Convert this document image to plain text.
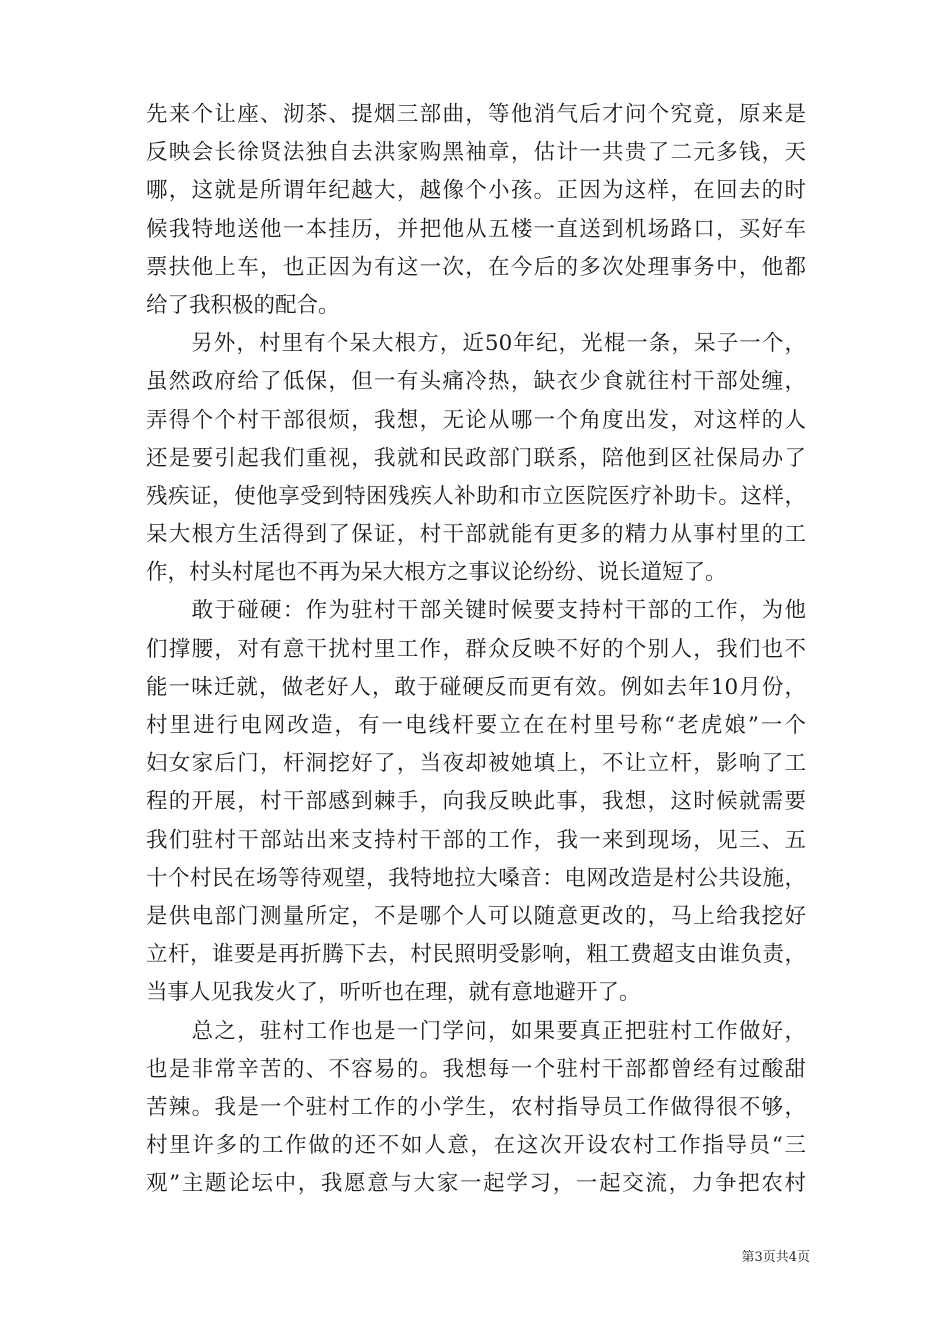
先来个让座、沏茶、提烟三部曲，等他消气后才问个究竟，原来是
反映会长徐贤法独自去洪家购黑袖章，估计一共贵了二元多钱，天
哪，这就是所谓年纪越大，越像个小孩。正因为这样，在回去的时
候我特地送他一本挂历，并把他从五楼一直送到机场路口，买好车
票扶他上车，也正因为有这一次，在今后的多次处理事务中，他都
给了我积极的配合。
　　另外，村里有个呆大根方，近50年纪，光棍一条，呆子一个，
虽然政府给了低保，但一有头痛冷热，缺衣少食就往村干部处缠，
弄得个个村干部很烦，我想，无论从哪一个角度出发，对这样的人
还是要引起我们重视，我就和民政部门联系，陪他到区社保局办了
残疾证，使他享受到特困残疾人补助和市立医院医疗补助卡。这样，
呆大根方生活得到了保证，村干部就能有更多的精力从事村里的工
作，村头村尾也不再为呆大根方之事议论纷纷、说长道短了。
　　敢于碰硬：作为驻村干部关键时候要支持村干部的工作，为他
们撑腰，对有意干扰村里工作，群众反映不好的个别人，我们也不
能一味迁就，做老好人，敢于碰硬反而更有效。例如去年10月份，
村里进行电网改造，有一电线杆要立在在村里号称“老虎娘”一个
妇女家后门，杆洞挖好了，当夜却被她填上，不让立杆，影响了工
程的开展，村干部感到棘手，向我反映此事，我想，这时候就需要
我们驻村干部站出来支持村干部的工作，我一来到现场，见三、五
十个村民在场等待观望，我特地拉大嗓音：电网改造是村公共设施，
是供电部门测量所定，不是哪个人可以随意更改的，马上给我挖好
立杆，谁要是再折腾下去，村民照明受影响，粗工费超支由谁负责，
当事人见我发火了，听听也在理，就有意地避开了。
　　总之，驻村工作也是一门学问，如果要真正把驻村工作做好，
也是非常辛苦的、不容易的。我想每一个驻村干部都曾经有过酸甜
苦辣。我是一个驻村工作的小学生，农村指导员工作做得很不够，
村里许多的工作做的还不如人意，在这次开设农村工作指导员“三
观”主题论坛中，我愿意与大家一起学习，一起交流，力争把农村
第3页共4页
